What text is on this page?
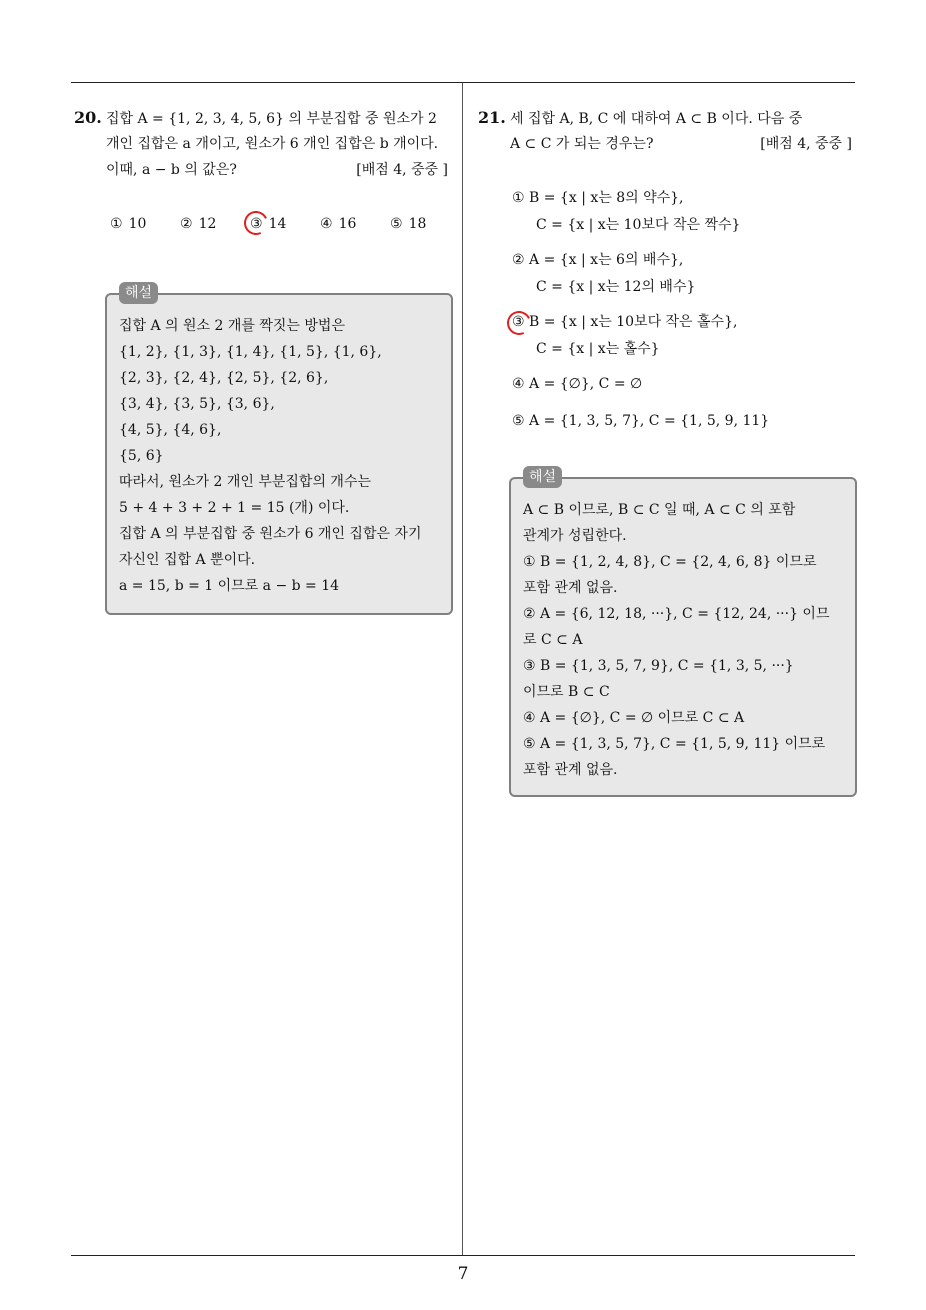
7
20. 집합 A = {1, 2, 3, 4, 5, 6} 의 부분집합 중 원소가 2
개인 집합은 a 개이고, 원소가 6 개인 집합은 b 개이다.
이때, a − b 의 값은?	[배점 4, 중중 ]
① 10 ② 12 ③ 14 ④ 16 ⑤ 18
해설
집합 A 의 원소 2 개를 짝짓는 방법은
{1, 2}, {1, 3}, {1, 4}, {1, 5}, {1, 6},
{2, 3}, {2, 4}, {2, 5}, {2, 6},
{3, 4}, {3, 5}, {3, 6},
{4, 5}, {4, 6},
{5, 6}
따라서, 원소가 2 개인 부분집합의 개수는
5 + 4 + 3 + 2 + 1 = 15 (개) 이다.
집합 A 의 부분집합 중 원소가 6 개인 집합은 자기
자신인 집합 A 뿐이다.
a = 15, b = 1 이므로 a − b = 14
21. 세 집합 A, B, C 에 대하여 A ⊂ B 이다. 다음 중
A ⊂ C 가 되는 경우는?	[배점 4, 중중 ]
① B = {x | x는 8의 약수},
C = {x | x는 10보다 작은 짝수}
② A = {x | x는 6의 배수},
C = {x | x는 12의 배수}
③ B = {x | x는 10보다 작은 홀수},
C = {x | x는 홀수}
④ A = {∅}, C = ∅
⑤ A = {1, 3, 5, 7}, C = {1, 5, 9, 11}
해설
A ⊂ B 이므로, B ⊂ C 일 때, A ⊂ C 의 포함
관계가 성립한다.
① B = {1, 2, 4, 8}, C = {2, 4, 6, 8} 이므로
포함 관계 없음.
② A = {6, 12, 18, ···}, C = {12, 24, ···} 이므
로 C ⊂ A
③ B = {1, 3, 5, 7, 9}, C = {1, 3, 5, ···}
이므로 B ⊂ C
④ A = {∅}, C = ∅ 이므로 C ⊂ A
⑤ A = {1, 3, 5, 7}, C = {1, 5, 9, 11} 이므로
포함 관계 없음.
